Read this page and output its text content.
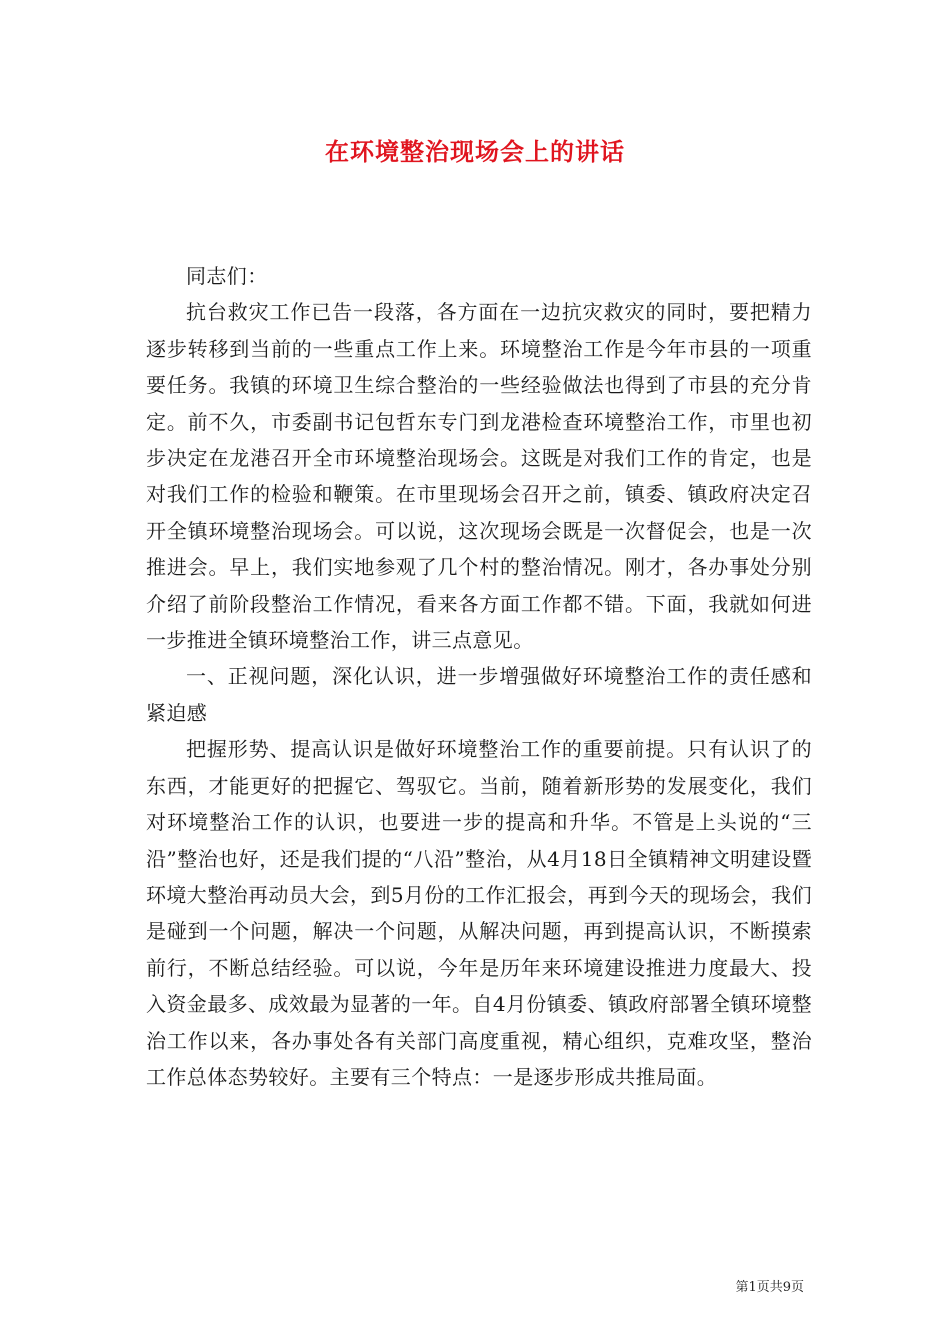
在环境整治现场会上的讲话

同志们：

抗台救灾工作已告一段落，各方面在一边抗灾救灾的同时，要把精力逐步转移到当前的一些重点工作上来。环境整治工作是今年市县的一项重要任务。我镇的环境卫生综合整治的一些经验做法也得到了市县的充分肯定。前不久，市委副书记包哲东专门到龙港检查环境整治工作，市里也初步决定在龙港召开全市环境整治现场会。这既是对我们工作的肯定，也是对我们工作的检验和鞭策。在市里现场会召开之前，镇委、镇政府决定召开全镇环境整治现场会。可以说，这次现场会既是一次督促会，也是一次推进会。早上，我们实地参观了几个村的整治情况。刚才，各办事处分别介绍了前阶段整治工作情况，看来各方面工作都不错。下面，我就如何进一步推进全镇环境整治工作，讲三点意见。

一、正视问题，深化认识，进一步增强做好环境整治工作的责任感和紧迫感

把握形势、提高认识是做好环境整治工作的重要前提。只有认识了的东西，才能更好的把握它、驾驭它。当前，随着新形势的发展变化，我们对环境整治工作的认识，也要进一步的提高和升华。不管是上头说的“三沿”整治也好，还是我们提的“八沿”整治，从4月18日全镇精神文明建设暨环境大整治再动员大会，到5月份的工作汇报会，再到今天的现场会，我们是碰到一个问题，解决一个问题，从解决问题，再到提高认识，不断摸索前行，不断总结经验。可以说，今年是历年来环境建设推进力度最大、投入资金最多、成效最为显著的一年。自4月份镇委、镇政府部署全镇环境整治工作以来，各办事处各有关部门高度重视，精心组织，克难攻坚，整治工作总体态势较好。主要有三个特点：一是逐步形成共推局面。

第1页共9页
